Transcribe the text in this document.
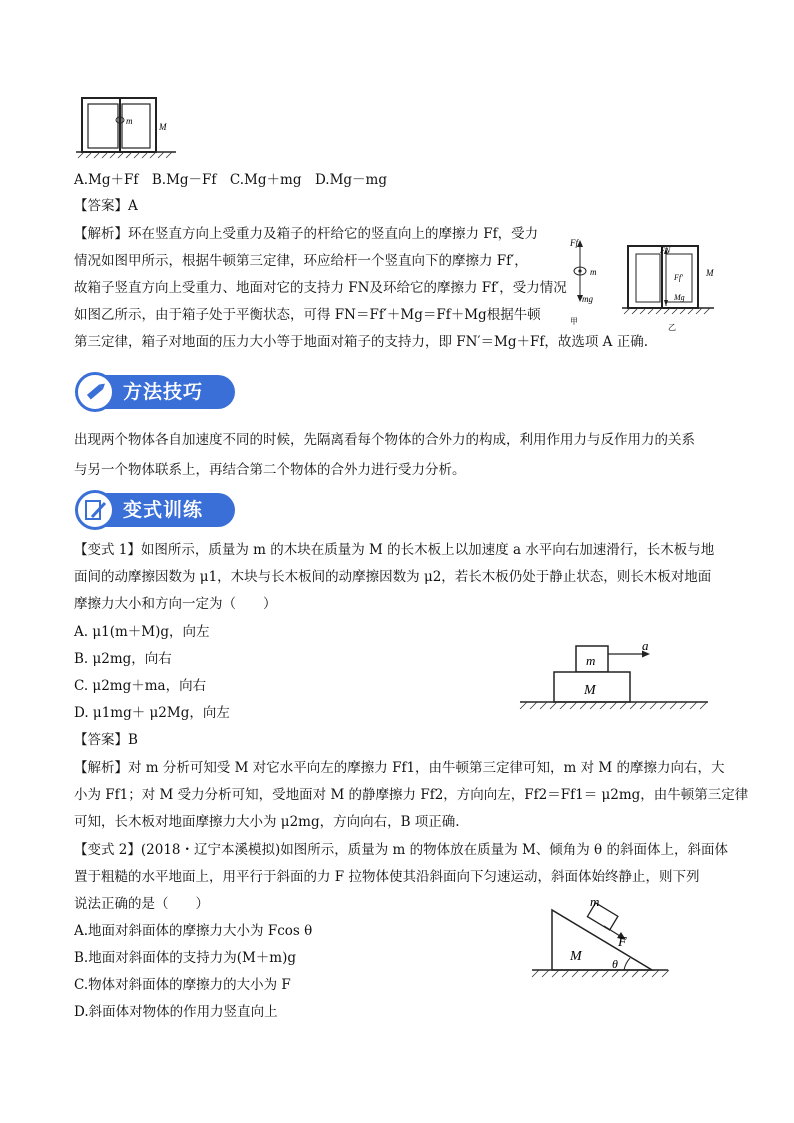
m
M
A.Mg＋Ff　B.Mg－Ff　C.Mg＋mg　D.Mg－mg
【答案】A
【解析】环在竖直方向上受重力及箱子的杆给它的竖直向上的摩擦力 Ff，受力
情况如图甲所示，根据牛顿第三定律，环应给杆一个竖直向下的摩擦力 Ff′，
故箱子竖直方向上受重力、地面对它的支持力 FN及环给它的摩擦力 Ff′，受力情况
如图乙所示，由于箱子处于平衡状态，可得 FN＝Ff′＋Mg＝Ff＋Mg根据牛顿
第三定律，箱子对地面的压力大小等于地面对箱子的支持力，即 FN′＝Mg＋Ff，故选项 A 正确.
Ff
m
mg
甲
FN
Ff′
Mg
M
乙
方法技巧
出现两个物体各自加速度不同的时候，先隔离看每个物体的合外力的构成，利用作用力与反作用力的关系
与另一个物体联系上，再结合第二个物体的合外力进行受力分析。
变式训练
【变式 1】如图所示，质量为 m 的木块在质量为 M 的长木板上以加速度 a 水平向右加速滑行，长木板与地
面间的动摩擦因数为 μ1，木块与长木板间的动摩擦因数为 μ2，若长木板仍处于静止状态，则长木板对地面
摩擦力大小和方向一定为（　　）
A. μ1(m＋M)g，向左
B. μ2mg，向右
C. μ2mg＋ma，向右
D. μ1mg＋ μ2Mg，向左
m
M
a
【答案】B
【解析】对 m 分析可知受 M 对它水平向左的摩擦力 Ff1，由牛顿第三定律可知，m 对 M 的摩擦力向右，大
小为 Ff1；对 M 受力分析可知，受地面对 M 的静摩擦力 Ff2，方向向左，Ff2＝Ff1＝ μ2mg，由牛顿第三定律
可知，长木板对地面摩擦力大小为 μ2mg，方向向右，B 项正确.
【变式 2】(2018・辽宁本溪模拟)如图所示，质量为 m 的物体放在质量为 M、倾角为 θ 的斜面体上，斜面体
置于粗糙的水平地面上，用平行于斜面的力 F 拉物体使其沿斜面向下匀速运动，斜面体始终静止，则下列
说法正确的是（　　）
A.地面对斜面体的摩擦力大小为 Fcos θ
B.地面对斜面体的支持力为(M＋m)g
C.物体对斜面体的摩擦力的大小为 F
D.斜面体对物体的作用力竖直向上
m
F
M	θ
